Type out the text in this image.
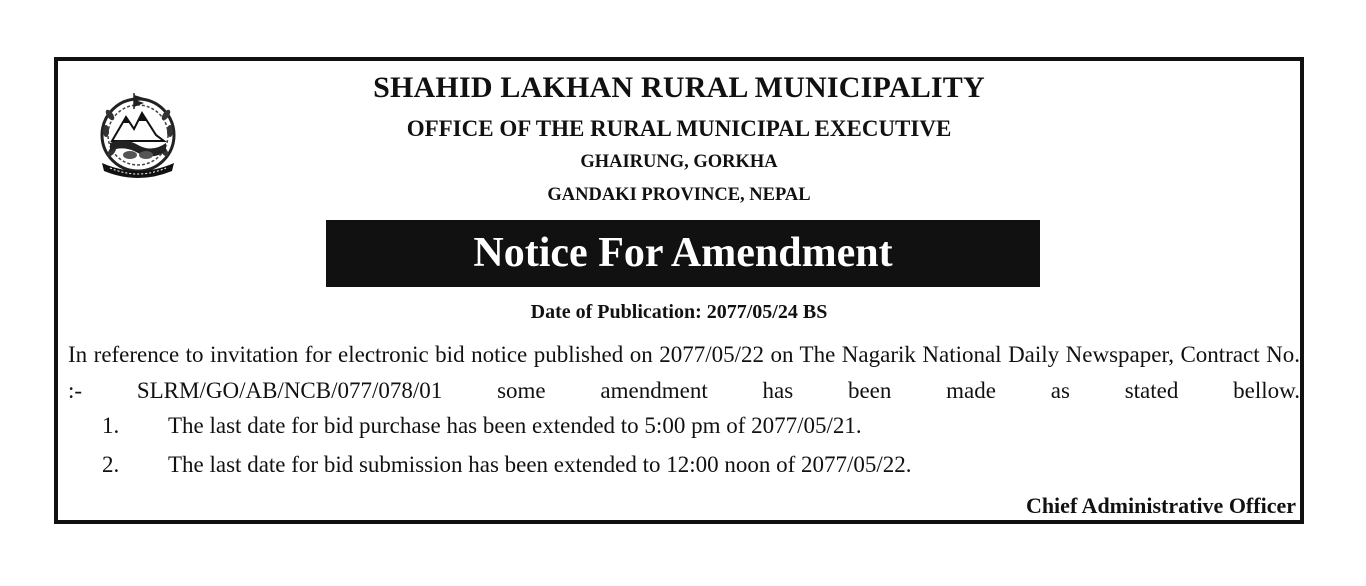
SHAHID LAKHAN RURAL MUNICIPALITY
OFFICE OF THE RURAL MUNICIPAL EXECUTIVE
GHAIRUNG, GORKHA
GANDAKI PROVINCE, NEPAL
Notice For Amendment
Date of Publication: 2077/05/24 BS
In reference to invitation for electronic bid notice published on 2077/05/22 on The Nagarik National Daily Newspaper, Contract No. :- SLRM/GO/AB/NCB/077/078/01 some amendment has been made as stated bellow.
1. The last date for bid purchase has been extended to 5:00 pm of 2077/05/21.
2. The last date for bid submission has been extended to 12:00 noon of 2077/05/22.
Chief Administrative Officer
